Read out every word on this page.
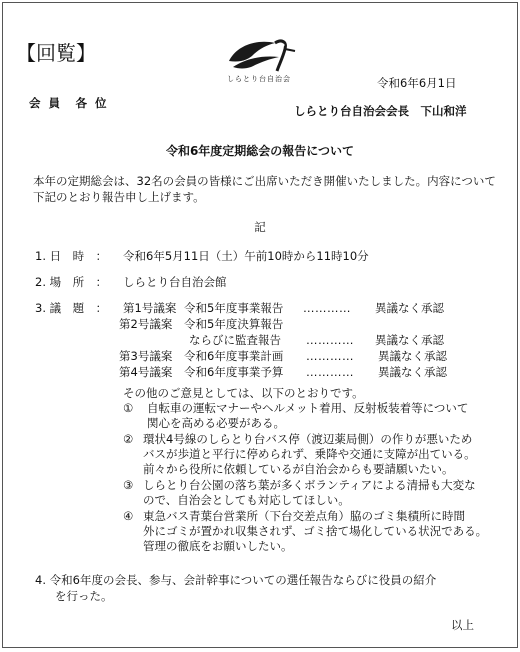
【回覧】
しらとり台自治会	令和6年6月1日
会 員　各 位
しらとり台自治会会長　下山和洋
令和6年度定期総会の報告について
本年の定期総会は、32名の会員の皆様にご出席いただき開催いたしました。内容について下記のとおり報告申し上げます。
記
1. 日　時　： 令和6年5月11日（土）午前10時から11時10分
2. 場　所　： しらとり台自治会館
3. 議　題　： 第1号議案 令和5年度事業報告 ………… 異議なく承認
第2号議案 令和5年度決算報告
ならびに監査報告 ………… 異議なく承認
第3号議案 令和6年度事業計画 ………… 異議なく承認
第4号議案 令和6年度事業予算 ………… 異議なく承認
その他のご意見としては、以下のとおりです。
① 自転車の運転マナーやヘルメット着用、反射板装着等について
関心を高める必要がある。
② 環状4号線のしらとり台バス停（渡辺薬局側）の作りが悪いため
バスが歩道と平行に停められず、乗降や交通に支障が出ている。
前々から役所に依頼しているが自治会からも要請願いたい。
③ しらとり台公園の落ち葉が多くボランティアによる清掃も大変な
ので、自治会としても対応してほしい。
④ 東急バス青葉台営業所（下台交差点角）脇のゴミ集積所に時間
外にゴミが置かれ収集されず、ゴミ捨て場化している状況である。
管理の徹底をお願いしたい。
4. 令和6年度の会長、参与、会計幹事についての選任報告ならびに役員の紹介
を行った。
以上
